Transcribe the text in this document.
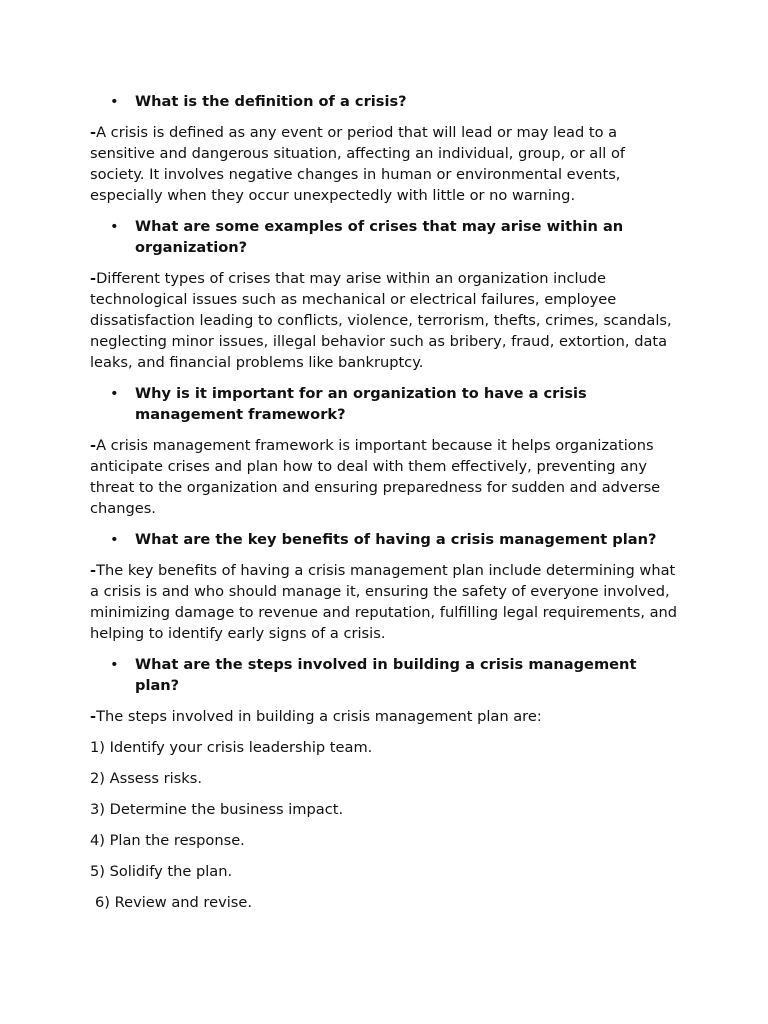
•	What is the definition of a crisis?

-A crisis is defined as any event or period that will lead or may lead to a sensitive and dangerous situation, affecting an individual, group, or all of society. It involves negative changes in human or environmental events, especially when they occur unexpectedly with little or no warning.

•	What are some examples of crises that may arise within an organization?

-Different types of crises that may arise within an organization include technological issues such as mechanical or electrical failures, employee dissatisfaction leading to conflicts, violence, terrorism, thefts, crimes, scandals, neglecting minor issues, illegal behavior such as bribery, fraud, extortion, data leaks, and financial problems like bankruptcy.

•	Why is it important for an organization to have a crisis management framework?

-A crisis management framework is important because it helps organizations anticipate crises and plan how to deal with them effectively, preventing any threat to the organization and ensuring preparedness for sudden and adverse changes.

•	What are the key benefits of having a crisis management plan?

-The key benefits of having a crisis management plan include determining what a crisis is and who should manage it, ensuring the safety of everyone involved, minimizing damage to revenue and reputation, fulfilling legal requirements, and helping to identify early signs of a crisis.

•	What are the steps involved in building a crisis management plan?

-The steps involved in building a crisis management plan are:

1) Identify your crisis leadership team.

2) Assess risks.

3) Determine the business impact.

4) Plan the response.

5) Solidify the plan.

6) Review and revise.
